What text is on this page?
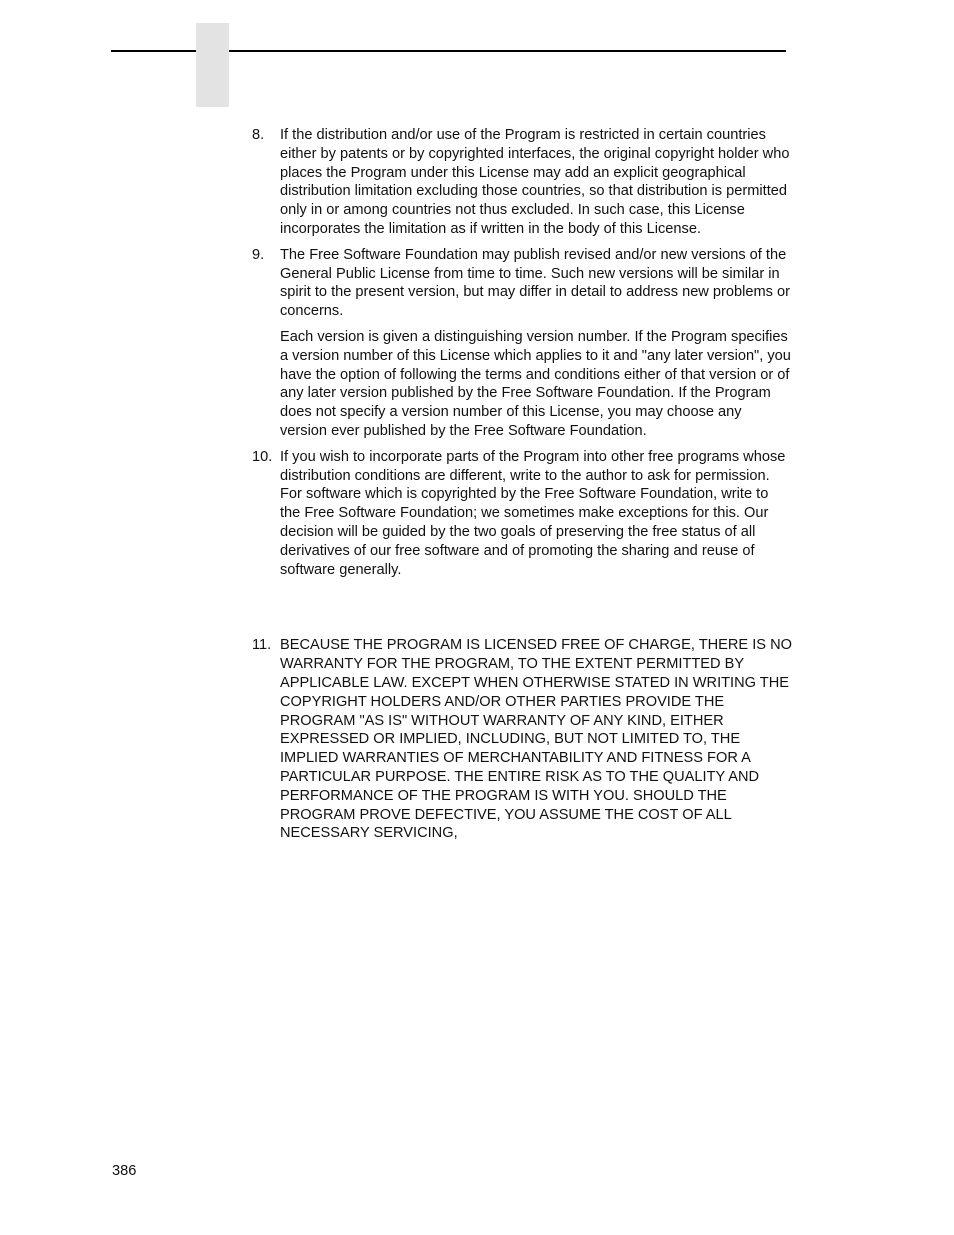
8.	If the distribution and/or use of the Program is restricted in certain countries either by patents or by copyrighted interfaces, the original copyright holder who places the Program under this License may add an explicit geographical distribution limitation excluding those countries, so that distribution is permitted only in or among countries not thus excluded. In such case, this License incorporates the limitation as if written in the body of this License.

9.	The Free Software Foundation may publish revised and/or new versions of the General Public License from time to time. Such new versions will be similar in spirit to the present version, but may differ in detail to address new problems or concerns.

Each version is given a distinguishing version number. If the Program specifies a version number of this License which applies to it and "any later version", you have the option of following the terms and conditions either of that version or of any later version published by the Free Software Foundation. If the Program does not specify a version number of this License, you may choose any version ever published by the Free Software Foundation.

10. If you wish to incorporate parts of the Program into other free programs whose distribution conditions are different, write to the author to ask for permission. For software which is copyrighted by the Free Software Foundation, write to the Free Software Foundation; we sometimes make exceptions for this. Our decision will be guided by the two goals of preserving the free status of all derivatives of our free software and of promoting the sharing and reuse of software generally.

11. BECAUSE THE PROGRAM IS LICENSED FREE OF CHARGE, THERE IS NO WARRANTY FOR THE PROGRAM, TO THE EXTENT PERMITTED BY APPLICABLE LAW. EXCEPT WHEN OTHERWISE STATED IN WRITING THE COPYRIGHT HOLDERS AND/OR OTHER PARTIES PROVIDE THE PROGRAM "AS IS" WITHOUT WARRANTY OF ANY KIND, EITHER EXPRESSED OR IMPLIED, INCLUDING, BUT NOT LIMITED TO, THE IMPLIED WARRANTIES OF MERCHANTABILITY AND FITNESS FOR A PARTICULAR PURPOSE. THE ENTIRE RISK AS TO THE QUALITY AND PERFORMANCE OF THE PROGRAM IS WITH YOU. SHOULD THE PROGRAM PROVE DEFECTIVE, YOU ASSUME THE COST OF ALL NECESSARY SERVICING,

386
